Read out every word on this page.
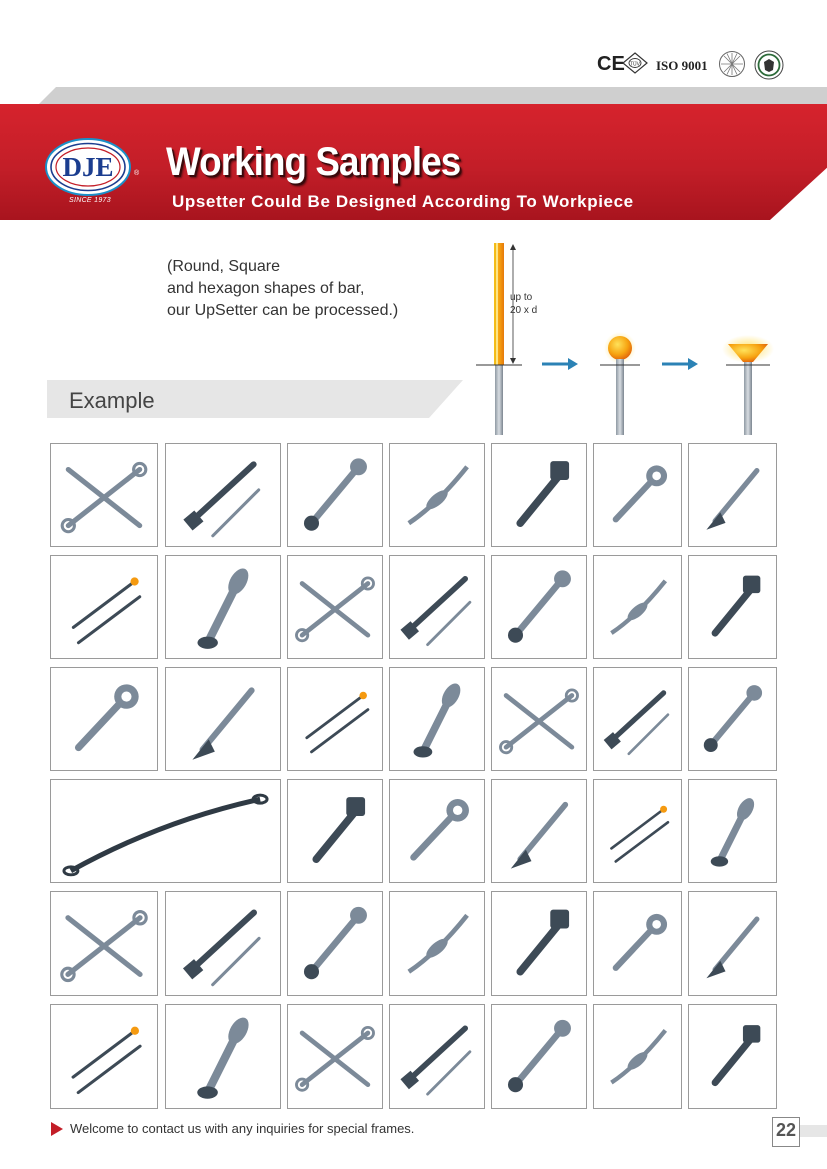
CE TÜV ISO 9001
DJE	®
SINCE 1973
Working Samples
Upsetter Could Be Designed According To Workpiece
(Round, Square
and hexagon shapes of bar,
our UpSetter can be processed.)
up to
20 x d
Example
Welcome to contact us with any inquiries for special frames.	22
